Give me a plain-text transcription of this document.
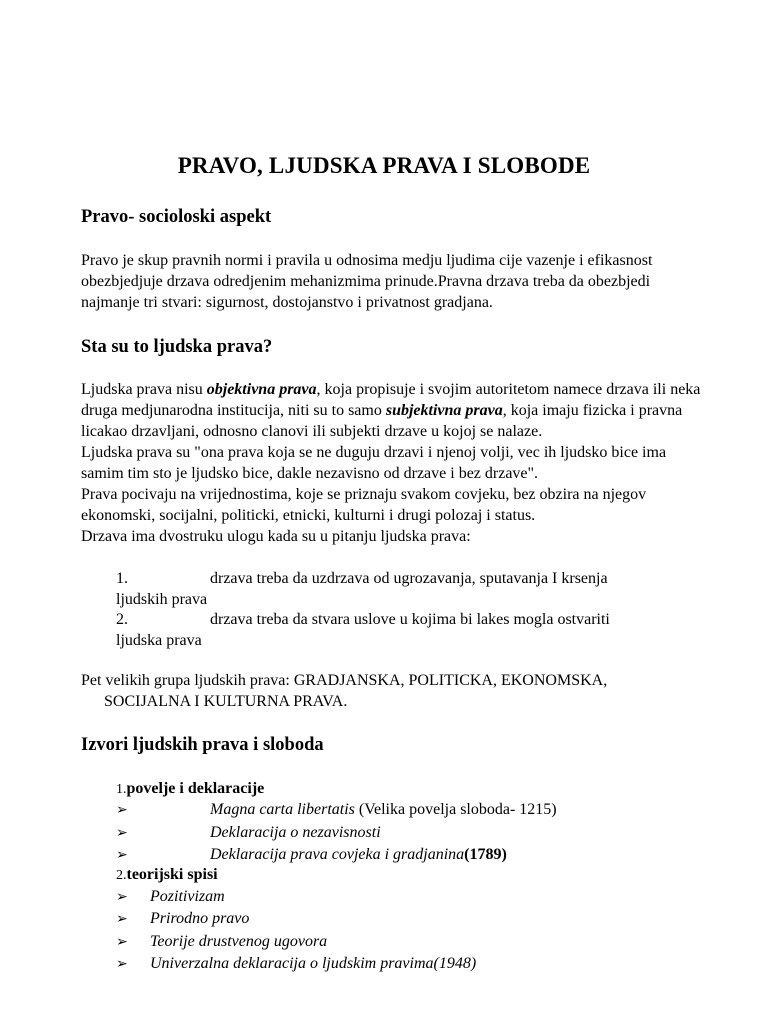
PRAVO, LJUDSKA PRAVA I SLOBODE
Pravo- socioloski aspekt

Pravo je skup pravnih normi i pravila u odnosima medju ljudima cije vazenje i efikasnost obezbjedjuje drzava odredjenim mehanizmima prinude.Pravna drzava treba da obezbjedi najmanje tri stvari: sigurnost, dostojanstvo i privatnost gradjana.

Sta su to ljudska prava?

Ljudska prava nisu objektivna prava, koja propisuje i svojim autoritetom namece drzava ili neka druga medjunarodna institucija, niti su to samo subjektivna prava, koja imaju fizicka i pravna licakao drzavljani, odnosno clanovi ili subjekti drzave u kojoj se nalaze.

Ljudska prava su "ona prava koja se ne duguju drzavi i njenoj volji, vec ih ljudsko bice ima samim tim sto je ljudsko bice, dakle nezavisno od drzave i bez drzave".

Prava pocivaju na vrijednostima, koje se priznaju svakom covjeku, bez obzira na njegov ekonomski, socijalni, politicki, etnicki, kulturni i drugi polozaj i status.

Drzava ima dvostruku ulogu kada su u pitanju ljudska prava:

1.	drzava treba da uzdrzava od ugrozavanja, sputavanja I krsenja
ljudskih prava
2.	drzava treba da stvara uslove u kojima bi lakes mogla ostvariti
ljudska prava

Pet velikih grupa ljudskih prava: GRADJANSKA, POLITICKA, EKONOMSKA,

SOCIJALNA I KULTURNA PRAVA.

Izvori ljudskih prava i sloboda
1.povelje i deklaracije
➢	Magna carta libertatis (Velika povelja sloboda- 1215)
➢	Deklaracija o nezavisnosti
➢	Deklaracija prava covjeka i gradjanina(1789)
2.teorijski spisi
➢ Pozitivizam
➢ Prirodno pravo
➢ Teorije drustvenog ugovora
➢ Univerzalna deklaracija o ljudskim pravima(1948)
